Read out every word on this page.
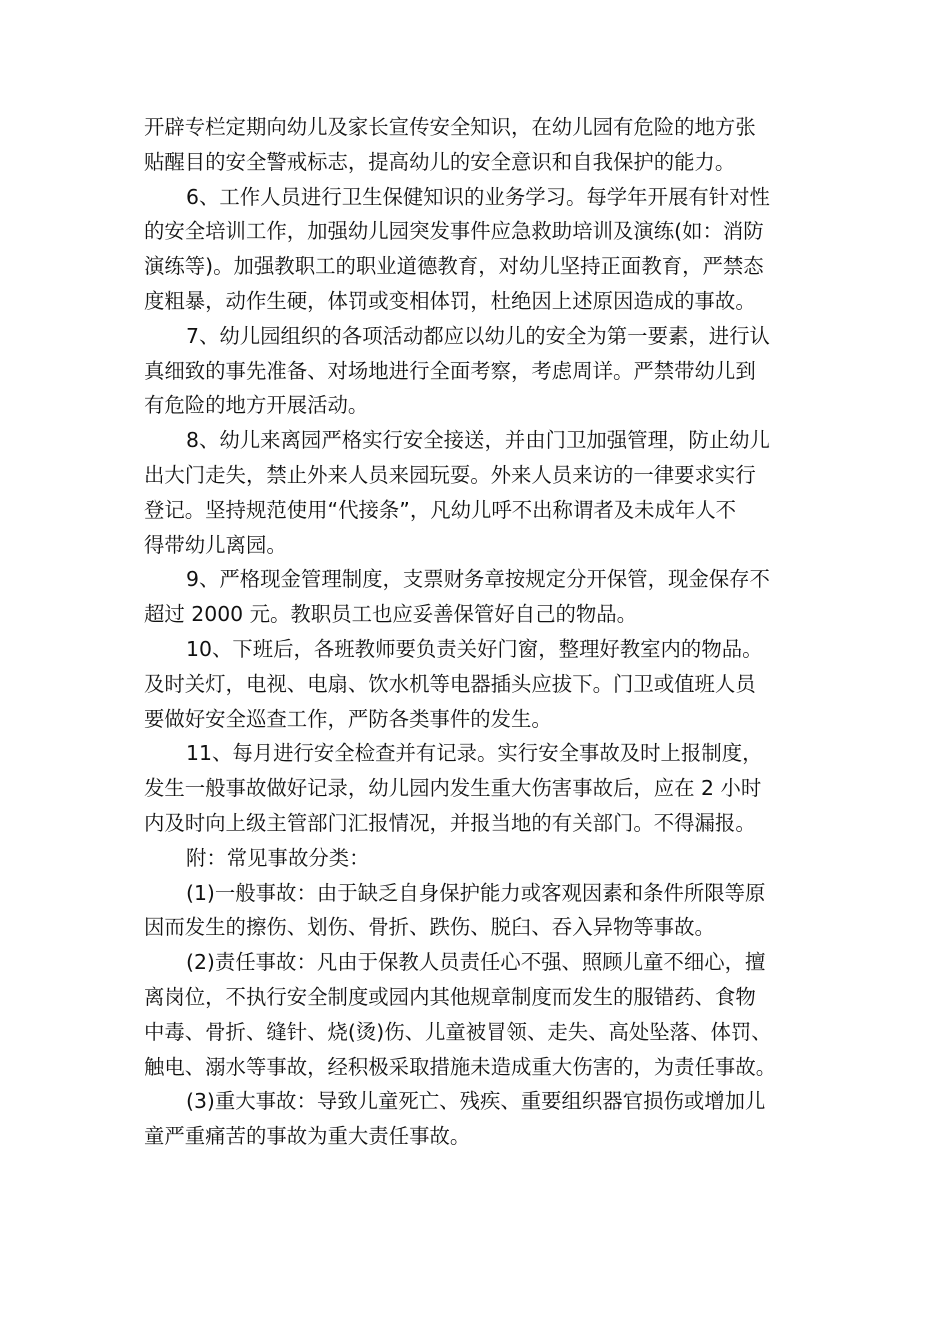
开辟专栏定期向幼儿及家长宣传安全知识，在幼儿园有危险的地方张
贴醒目的安全警戒标志，提高幼儿的安全意识和自我保护的能力。

6、工作人员进行卫生保健知识的业务学习。每学年开展有针对性
的安全培训工作，加强幼儿园突发事件应急救助培训及演练(如：消防
演练等)。加强教职工的职业道德教育，对幼儿坚持正面教育，严禁态
度粗暴，动作生硬，体罚或变相体罚，杜绝因上述原因造成的事故。

7、幼儿园组织的各项活动都应以幼儿的安全为第一要素，进行认
真细致的事先准备、对场地进行全面考察，考虑周详。严禁带幼儿到
有危险的地方开展活动。

8、幼儿来离园严格实行安全接送，并由门卫加强管理，防止幼儿
出大门走失，禁止外来人员来园玩耍。外来人员来访的一律要求实行
登记。坚持规范使用“代接条”，凡幼儿呼不出称谓者及未成年人不
得带幼儿离园。

9、严格现金管理制度，支票财务章按规定分开保管，现金保存不
超过 2000 元。教职员工也应妥善保管好自己的物品。

10、下班后，各班教师要负责关好门窗，整理好教室内的物品。
及时关灯，电视、电扇、饮水机等电器插头应拔下。门卫或值班人员
要做好安全巡查工作，严防各类事件的发生。

11、每月进行安全检查并有记录。实行安全事故及时上报制度，
发生一般事故做好记录，幼儿园内发生重大伤害事故后，应在 2 小时
内及时向上级主管部门汇报情况，并报当地的有关部门。不得漏报。

附：常见事故分类：

(1)一般事故：由于缺乏自身保护能力或客观因素和条件所限等原
因而发生的擦伤、划伤、骨折、跌伤、脱臼、吞入异物等事故。

(2)责任事故：凡由于保教人员责任心不强、照顾儿童不细心，擅
离岗位，不执行安全制度或园内其他规章制度而发生的服错药、食物
中毒、骨折、缝针、烧(烫)伤、儿童被冒领、走失、高处坠落、体罚、
触电、溺水等事故，经积极采取措施未造成重大伤害的，为责任事故。

(3)重大事故：导致儿童死亡、残疾、重要组织器官损伤或增加儿
童严重痛苦的事故为重大责任事故。
